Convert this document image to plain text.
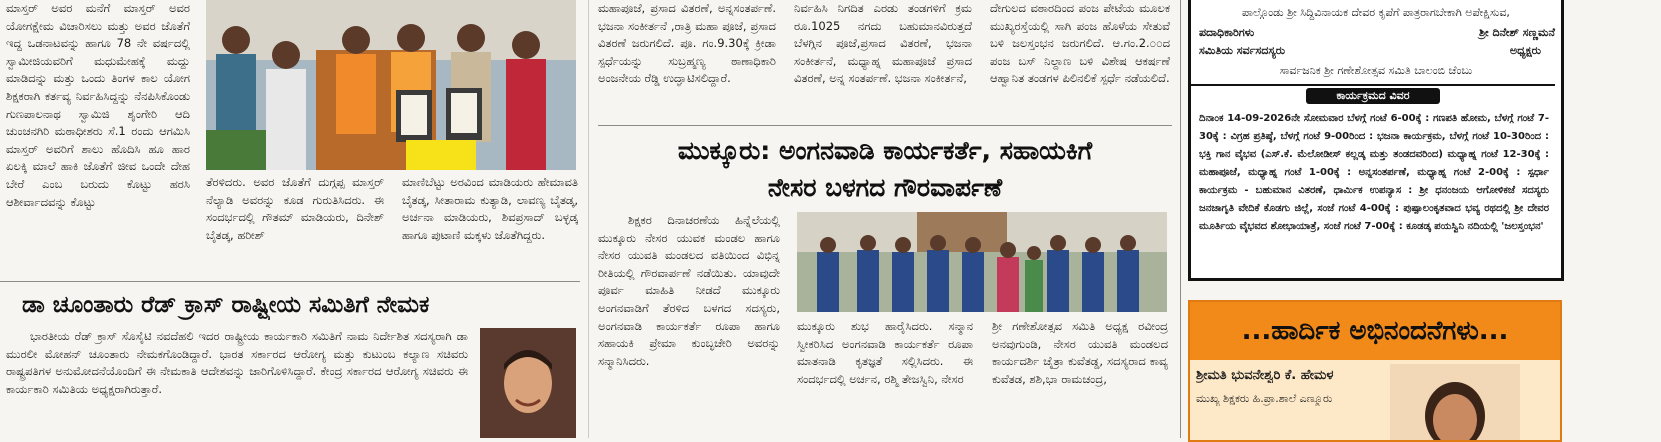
ಮಾಸ್ತರ್ ಅವರ ಮನೆಗೆ ಮಾಸ್ತರ್ ಅವರ ಯೋಗಕ್ಷೇಮ ವಿಚಾರಿಸಲು ಮತ್ತು ಅವರ ಜೊತೆಗೆ ಇದ್ದ ಒಡನಾಟವನ್ನು ಹಾಗೂ 78 ನೇ ವರ್ಷದಲ್ಲಿ ಸ್ವಾಮೀಜಿಯವರಿಗೆ ಮಧುಮೇಹಕ್ಕೆ ಮದ್ದು ಮಾಡಿದನ್ನು ಮತ್ತು ಒಂದು ತಿಂಗಳ ಕಾಲ ಯೋಗ ಶಿಕ್ಷಕರಾಗಿ ಕರ್ತವ್ಯ ನಿರ್ವಹಿಸಿದ್ದನ್ನು ನೆನಪಿಸಿಕೊಂಡು ಗುಣಪಾಲನಾಥ ಸ್ವಾಮಿಜಿ ಶೃಂಗೇರಿ ಆದಿ ಚುಂಚನಗಿರಿ ಮಠಾಧೀಶರು ಸೆ.1 ರಂದು ಆಗಮಿಸಿ ಮಾಸ್ತರ್ ಅವರಿಗೆ ಶಾಲು ಹೊದಿಸಿ ಹೂ ಹಾರ ಏಲಕ್ಕಿ ಮಾಲೆ ಹಾಕಿ ಜೊತೆಗೆ ಜೀವ ಒಂದೇ ದೇಹ ಬೇರೆ ಎಂಬ ಬರುದು ಕೊಟ್ಟು ಹರಸಿ ಆಶೀರ್ವಾದವನ್ನು ಕೊಟ್ಟು
ತೆರಳಿದರು. ಅವರ ಜೊತೆಗೆ ದುಗ್ಗಪ್ಪ ಮಾಸ್ತರ್ ನೆಲ್ಯಾಡಿ ಅವರನ್ನು ಕೂಡ ಗುರುತಿಸಿದರು. ಈ ಸಂದರ್ಭದಲ್ಲಿ ಗೌತಮ್ ಮಾಡಿಯರು, ದಿನೇಶ್ ಬೈತಡ್ಕ, ಹರೀಶ್
ಮಾಣಿಬೆಟ್ಟು ಅರವಿಂದ ಮಾಡಿಯರು ಹೇಮಾವತಿ ಬೈತಡ್ಕ, ಸೀತಾರಾಮ ಕುತ್ಯಾಡಿ, ಲಾವಣ್ಯ ಬೈತಡ್ಕ, ಅರ್ಚನಾ ಮಾಡಿಯರು, ಶಿವಪ್ರಸಾದ್ ಬಳ್ಳಡ್ಕ ಹಾಗೂ ಪುಟಾಣಿ ಮಕ್ಕಳು ಜೊತೆಗಿದ್ದರು.
ಡಾ ಚೂಂತಾರು ರೆಡ್ ಕ್ರಾಸ್ ರಾಷ್ಟ್ರೀಯ ಸಮಿತಿಗೆ ನೇಮಕ
ಭಾರತೀಯ ರೆಡ್ ಕ್ರಾಸ್ ಸೊಸೈಟಿ ನವದೆಹಲಿ ಇದರ ರಾಷ್ಟ್ರೀಯ ಕಾರ್ಯಕಾರಿ ಸಮಿತಿಗೆ ನಾಮ ನಿರ್ದೇಶಿತ ಸದಸ್ಯರಾಗಿ ಡಾ ಮುರಲೀ ಮೋಹನ್ ಚೂಂತಾರು ನೇಮಕಗೊಂಡಿದ್ದಾರೆ. ಭಾರತ ಸರ್ಕಾರದ ಆರೋಗ್ಯ ಮತ್ತು ಕುಟುಂಬ ಕಲ್ಯಾಣ ಸಚಿವರು ರಾಷ್ಟ್ರಪತಿಗಳ ಅನುಮೋದನೆಯೊಂದಿಗೆ ಈ ನೇಮಕಾತಿ ಆದೇಶವನ್ನು ಜಾರಿಗೊಳಿಸಿದ್ದಾರೆ. ಕೇಂದ್ರ ಸರ್ಕಾರದ ಆರೋಗ್ಯ ಸಚಿವರು ಈ ಕಾರ್ಯಕಾರಿ ಸಮಿತಿಯ ಅಧ್ಯಕ್ಷರಾಗಿರುತ್ತಾರೆ.
ಮಹಾಪೂಜೆ, ಪ್ರಸಾದ ವಿತರಣೆ, ಅನ್ನಸಂತರ್ಪಣೆ. ಭಜನಾ ಸಂಕೀರ್ತನೆ ,ರಾತ್ರಿ ಮಹಾ ಪೂಜೆ, ಪ್ರಸಾದ ವಿತರಣೆ ಜರುಗಲಿದೆ. ಪೂ. ಗಂ.9.30ಕ್ಕೆ ಕ್ರೀಡಾ ಸ್ಪರ್ಧೆಯನ್ನು ಸುಬ್ರಹ್ಮಣ್ಯ ಠಾಣಾಧಿಕಾರಿ ಅಂಜನೇಯ ರೆಡ್ಡಿ ಉದ್ಘಾಟಿಸಲಿದ್ದಾರೆ.
ನಿರ್ವಹಿಸಿ ನಿಗದಿತ ಎರಡು ತಂಡಗಳಿಗೆ ಕ್ರಮ ರೂ.1025 ನಗದು ಬಹುಮಾನವಿರುತ್ತದೆ ಬೆಳಗ್ಗಿನ ಪೂಜೆ,ಪ್ರಸಾದ ವಿತರಣೆ, ಭಜನಾ ಸಂಕೀರ್ತನೆ, ಮಧ್ಯಾಹ್ನ ಮಹಾಪೂಜೆ ಪ್ರಸಾದ ವಿತರಣೆ, ಅನ್ನ ಸಂತರ್ಪಣೆ. ಭಜನಾ ಸಂಕೀರ್ತನೆ,
ದೇಗುಲದ ವಠಾರದಿಂದ ಪಂಜ ಪೇಟೆಯ ಮೂಲಕ ಮುಖ್ಯರಸ್ತೆಯಲ್ಲಿ ಸಾಗಿ ಪಂಜ ಹೊಳೆಯ ಸೇತುವೆ ಬಳಿ ಜಲಸ್ತಂಭನ ಜರುಗಲಿದೆ. ಆ.ಗಂ.2.೦೦ದ ಪಂಜ ಬಸ್ ನಿಲ್ದಾಣ ಬಳಿ ವಿಶೇಷ ಆಕರ್ಷಣೆ ಆಹ್ವಾನಿತ ತಂಡಗಳ ಪಿಲಿನಲಿಕೆ ಸ್ಪರ್ಧೆ ನಡೆಯಲಿದೆ.
ಮುಕ್ಕೂರು: ಅಂಗನವಾಡಿ ಕಾರ್ಯಕರ್ತೆ, ಸಹಾಯಕಿಗೆ
ನೇಸರ ಬಳಗದ ಗೌರವಾರ್ಪಣೆ
ಶಿಕ್ಷಕರ ದಿನಾಚರಣೆಯ ಹಿನ್ನೆಲೆಯಲ್ಲಿ ಮುಕ್ಕೂರು ನೇಸರ ಯುವಕ ಮಂಡಲ ಹಾಗೂ ನೇಸರ ಯುವತಿ ಮಂಡಲದ ವತಿಯಿಂದ ವಿಭಿನ್ನ ರೀತಿಯಲ್ಲಿ ಗೌರವಾರ್ಪಣೆ ನಡೆಯಿತು. ಯಾವುದೇ ಪೂರ್ವ ಮಾಹಿತಿ ನೀಡದೆ ಮುಕ್ಕೂರು ಅಂಗನವಾಡಿಗೆ ತೆರಳಿದ ಬಳಗದ ಸದಸ್ಯರು, ಅಂಗನವಾಡಿ ಕಾರ್ಯಕರ್ತೆ ರೂಪಾ ಹಾಗೂ ಸಹಾಯಕಿ ಪ್ರೇಮಾ ಕುಂಬ್ಳಚೇರಿ ಅವರನ್ನು ಸನ್ಮಾನಿಸಿದರು.
ಮುಕ್ಕೂರು ಶುಭ ಹಾರೈಸಿದರು. ಸನ್ಮಾನ ಸ್ವೀಕರಿಸಿದ ಅಂಗನವಾಡಿ ಕಾರ್ಯಕರ್ತೆ ರೂಪಾ ಮಾತನಾಡಿ ಕೃತಜ್ಞತೆ ಸಲ್ಲಿಸಿದರು. ಈ ಸಂದರ್ಭದಲ್ಲಿ ಅರ್ಚನ, ರಶ್ಮಿ ತೇಜಸ್ವಿನಿ, ನೇಸರ
ಶ್ರೀ ಗಣೇಶೋತ್ಸವ ಸಮಿತಿ ಅಧ್ಯಕ್ಷ ರವೀಂದ್ರ ಅನವುಗುಂಡಿ, ನೇಸರ ಯುವತಿ ಮಂಡಲದ ಕಾರ್ಯದರ್ಶಿ ಚೈತ್ರಾ ಕುವೆತಡ್ಡ, ಸದಸ್ಯರಾದ ಕಾವ್ಯ ಕುವೆತಡ, ಶಶಿ,ಭಾ ರಾಮಚಂದ್ರ,
ಪಾಲ್ಗೊಂಡು ಶ್ರೀ ಸಿದ್ದಿವಿನಾಯಕ ದೇವರ ಕೃಪೆಗೆ ಪಾತ್ರರಾಗಬೇಕಾಗಿ ಅಪೇಕ್ಷಿಸುವ,
ಪದಾಧಿಕಾರಿಗಳು
ಸಮಿತಿಯ ಸರ್ವಸದಸ್ಯರು
ಶ್ರೀ ದಿನೇಶ್ ಸಣ್ಣಮನೆ
ಅಧ್ಯಕ್ಷರು
ಸಾರ್ವಜನಿಕ ಶ್ರೀ ಗಣೇಶೋತ್ಸವ ಸಮಿತಿ ಬಾಲಂಬಿ ಚೆಂಬು
ಕಾರ್ಯಕ್ರಮದ ವಿವರ
ದಿನಾಂಕ 14-09-2026ನೇ ಸೋಮವಾರ ಬೆಳಗ್ಗೆ ಗಂಟೆ 6-00ಕ್ಕೆ : ಗಣಪತಿ ಹೋಮ, ಬೆಳಗ್ಗೆ ಗಂಟೆ 7-30ಕ್ಕೆ : ವಿಗ್ರಹ ಪ್ರತಿಷ್ಠೆ, ಬೆಳಗ್ಗೆ ಗಂಟೆ 9-00ರಿಂದ : ಭಜನಾ ಕಾರ್ಯಕ್ರಮ, ಬೆಳಗ್ಗೆ ಗಂಟೆ 10-30ರಿಂದ : ಭಕ್ತಿ ಗಾನ ವೈಭವ (ಎಸ್.ಕೆ. ಮೆಲೋಡೀಸ್ ಕಲ್ಲಡ್ಕ ಮತ್ತು ತಂಡದವರಿಂದ) ಮಧ್ಯಾಹ್ನ ಗಂಟೆ 12-30ಕ್ಕೆ : ಮಹಾಪೂಜೆ, ಮಧ್ಯಾಹ್ನ ಗಂಟೆ 1-00ಕ್ಕೆ : ಅನ್ನಸಂತರ್ಪಣೆ, ಮಧ್ಯಾಹ್ನ ಗಂಟೆ 2-00ಕ್ಕೆ : ಸ್ಪರ್ಧಾ ಕಾರ್ಯಕ್ರಮ - ಬಹುಮಾನ ವಿತರಣೆ, ಧಾರ್ಮಿಕ ಉಪನ್ಯಾಸ : ಶ್ರೀ ಧನಂಜಯ ಆಗೋಳಿಕಜೆ ಸದಸ್ಯರು ಜನಜಾಗೃತಿ ವೇದಿಕೆ ಕೊಡಗು ಜಿಲ್ಲೆ, ಸಂಜೆ ಗಂಟೆ 4-00ಕ್ಕೆ : ಪುಷ್ಪಾಲಂಕೃತವಾದ ಭವ್ಯ ರಥದಲ್ಲಿ ಶ್ರೀ ದೇವರ ಮೂರ್ತಿಯ ವೈಭವದ ಶೋಭಾಯಾತ್ರೆ, ಸಂಜೆ ಗಂಟೆ 7-00ಕ್ಕೆ : ಕೂಡಡ್ಕ ಪಯಸ್ವಿನಿ ನದಿಯಲ್ಲಿ 'ಜಲಸ್ತಂಭನ'
...ಹಾರ್ದಿಕ ಅಭಿನಂದನೆಗಳು...
ಶ್ರೀಮತಿ ಭುವನೇಶ್ವರಿ ಕೆ. ಹೇಮಳ
ಮುಖ್ಯ ಶಿಕ್ಷಕರು ಹಿ.ಪ್ರಾ.ಶಾಲೆ ಎಣ್ಮೂರು
